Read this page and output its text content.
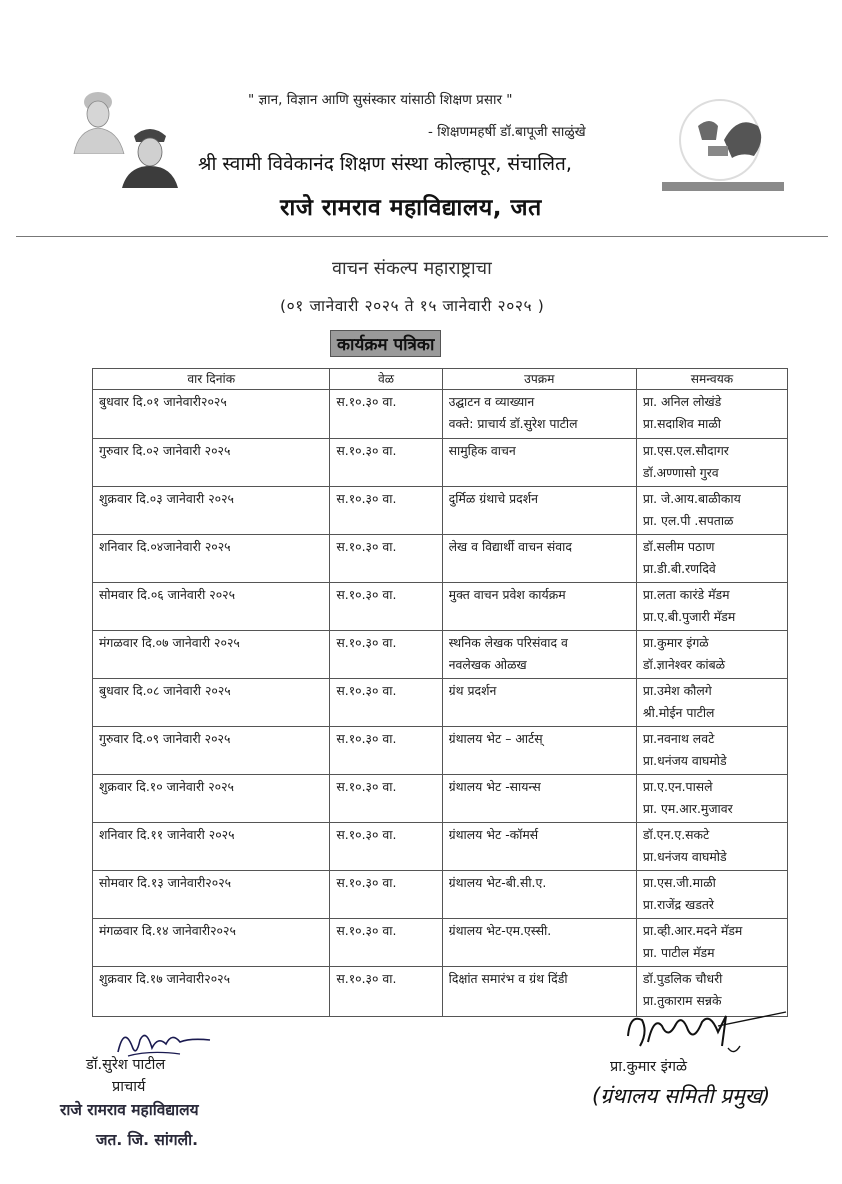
" ज्ञान, विज्ञान आणि सुसंस्कार यांसाठी शिक्षण प्रसार "
- शिक्षणमहर्षी डॉ.बापूजी साळुंखे
श्री स्वामी विवेकानंद शिक्षण संस्था कोल्हापूर, संचालित,
राजे रामराव महाविद्यालय, जत
वाचन संकल्प महाराष्ट्राचा
(०१ जानेवारी २०२५ ते १५ जानेवारी २०२५ )
कार्यक्रम पत्रिका
वार दिनांक	वेळ	उपक्रम	समन्वयक

बुधवार दि.०१ जानेवारी२०२५	स.१०.३० वा.	उद्घाटन व व्याख्यान
वक्ते: प्राचार्य डॉ.सुरेश पाटील	प्रा. अनिल लोखंडे
प्रा.सदाशिव माळी

गुरुवार दि.०२ जानेवारी २०२५	स.१०.३० वा.	सामुहिक वाचन	प्रा.एस.एल.सौदागर
डॉ.अण्णासो गुरव

शुक्रवार दि.०३ जानेवारी २०२५	स.१०.३० वा.	दुर्मिळ ग्रंथाचे प्रदर्शन	प्रा. जे.आय.बाळीकाय
प्रा. एल.पी .सपताळ

शनिवार दि.०४जानेवारी २०२५	स.१०.३० वा.	लेख व विद्यार्थी वाचन संवाद	डॉ.सलीम पठाण
प्रा.डी.बी.रणदिवे

सोमवार दि.०६ जानेवारी २०२५	स.१०.३० वा.	मुक्त वाचन प्रवेश कार्यक्रम	प्रा.लता कारंडे मॅडम
प्रा.ए.बी.पुजारी मॅडम

मंगळवार दि.०७ जानेवारी २०२५	स.१०.३० वा.	स्थनिक लेखक परिसंवाद व
नवलेखक ओळख	प्रा.कुमार इंगळे
डॉ.ज्ञानेश्वर कांबळे

बुधवार दि.०८ जानेवारी २०२५	स.१०.३० वा.	ग्रंथ प्रदर्शन	प्रा.उमेश कौलगे
श्री.मोईन पाटील

गुरुवार दि.०९ जानेवारी २०२५	स.१०.३० वा.	ग्रंथालय भेट – आर्टस्	प्रा.नवनाथ लवटे
प्रा.धनंजय वाघमोडे

शुक्रवार दि.१० जानेवारी २०२५	स.१०.३० वा.	ग्रंथालय भेट -सायन्स	प्रा.ए.एन.पासले
प्रा. एम.आर.मुजावर

शनिवार दि.११ जानेवारी २०२५	स.१०.३० वा.	ग्रंथालय भेट -कॉमर्स	डॉ.एन.ए.सकटे
प्रा.धनंजय वाघमोडे

सोमवार दि.१३ जानेवारी२०२५	स.१०.३० वा.	ग्रंथालय भेट-बी.सी.ए.	प्रा.एस.जी.माळी
प्रा.राजेंद्र खडतरे

मंगळवार दि.१४ जानेवारी२०२५	स.१०.३० वा.	ग्रंथालय भेट-एम.एस्सी.	प्रा.व्ही.आर.मदने मॅडम
प्रा. पाटील मॅडम

शुक्रवार दि.१७ जानेवारी२०२५	स.१०.३० वा.	दिक्षांत समारंभ व ग्रंथ दिंडी	डॉ.पुडलिक चौधरी
प्रा.तुकाराम सन्नके
डॉ.सुरेश पाटील
प्राचार्य
राजे रामराव महाविद्यालय
जत. जि. सांगली.
प्रा.कुमार इंगळे
(ग्रंथालय समिती प्रमुख)
